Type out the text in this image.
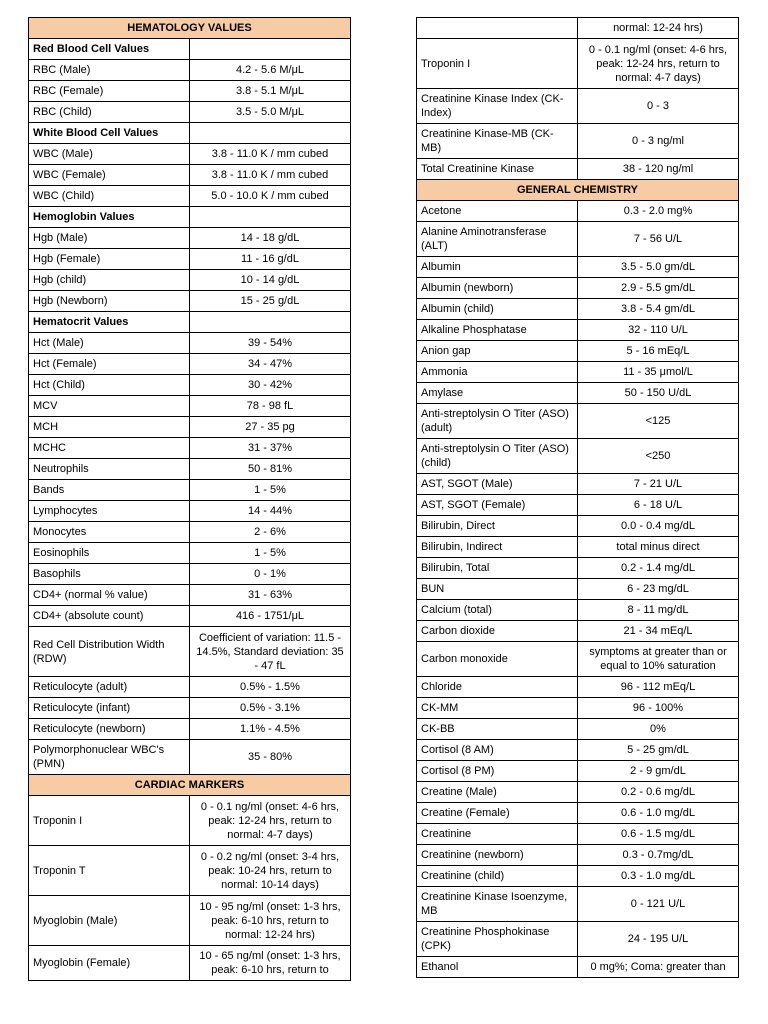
HEMATOLOGY VALUES	
Red Blood Cell Values	
RBC (Male)	4.2 - 5.6 M/μL
RBC (Female)	3.8 - 5.1 M/μL
RBC (Child)	3.5 - 5.0 M/μL
White Blood Cell Values	
WBC (Male)	3.8 - 11.0 K / mm cubed
WBC (Female)	3.8 - 11.0 K / mm cubed
WBC (Child)	5.0 - 10.0 K / mm cubed
Hemoglobin Values	
Hgb (Male)	14 - 18 g/dL
Hgb (Female)	11 - 16 g/dL
Hgb (child)	10 - 14 g/dL
Hgb (Newborn)	15 - 25 g/dL
Hematocrit Values	
Hct (Male)	39 - 54%
Hct (Female)	34 - 47%
Hct (Child)	30 - 42%
MCV	78 - 98 fL
MCH	27 - 35 pg
MCHC	31 - 37%
Neutrophils	50 - 81%
Bands	1 - 5%
Lymphocytes	14 - 44%
Monocytes	2 - 6%
Eosinophils	1 - 5%
Basophils	0 - 1%
CD4+ (normal % value)	31 - 63%
CD4+ (absolute count)	416 - 1751/μL
Red Cell Distribution Width (RDW)	Coefficient of variation: 11.5 - 14.5%, Standard deviation: 35 - 47 fL
Reticulocyte (adult)	0.5% - 1.5%
Reticulocyte (infant)	0.5% - 3.1%
Reticulocyte (newborn)	1.1% - 4.5%
Polymorphonuclear WBC's (PMN)	35 - 80%
CARDIAC MARKERS	
Troponin I	0 - 0.1 ng/ml (onset: 4-6 hrs, peak: 12-24 hrs, return to normal: 4-7 days)
Troponin T	0 - 0.2 ng/ml (onset: 3-4 hrs, peak: 10-24 hrs, return to normal: 10-14 days)
Myoglobin (Male)	10 - 95 ng/ml (onset: 1-3 hrs, peak: 6-10 hrs, return to normal: 12-24 hrs)
Myoglobin (Female)	10 - 65 ng/ml (onset: 1-3 hrs, peak: 6-10 hrs, return to
	normal: 12-24 hrs)
Troponin I	0 - 0.1 ng/ml (onset: 4-6 hrs, peak: 12-24 hrs, return to normal: 4-7 days)
Creatinine Kinase Index (CK-Index)	0 - 3
Creatinine Kinase-MB (CK-MB)	0 - 3 ng/ml
Total Creatinine Kinase	38 - 120 ng/ml
GENERAL CHEMISTRY	
Acetone	0.3 - 2.0 mg%
Alanine Aminotransferase (ALT)	7 - 56 U/L
Albumin	3.5 - 5.0 gm/dL
Albumin (newborn)	2.9 - 5.5 gm/dL
Albumin (child)	3.8 - 5.4 gm/dL
Alkaline Phosphatase	32 - 110 U/L
Anion gap	5 - 16 mEq/L
Ammonia	11 - 35 μmol/L
Amylase	50 - 150 U/dL
Anti-streptolysin O Titer (ASO) (adult)	<125
Anti-streptolysin O Titer (ASO) (child)	<250
AST, SGOT (Male)	7 - 21 U/L
AST, SGOT (Female)	6 - 18 U/L
Bilirubin, Direct	0.0 - 0.4 mg/dL
Bilirubin, Indirect	total minus direct
Bilirubin, Total	0.2 - 1.4 mg/dL
BUN	6 - 23 mg/dL
Calcium (total)	8 - 11 mg/dL
Carbon dioxide	21 - 34 mEq/L
Carbon monoxide	symptoms at greater than or equal to 10% saturation
Chloride	96 - 112 mEq/L
CK-MM	96 - 100%
CK-BB	0%
Cortisol (8 AM)	5 - 25 gm/dL
Cortisol (8 PM)	2 - 9 gm/dL
Creatine (Male)	0.2 - 0.6 mg/dL
Creatine (Female)	0.6 - 1.0 mg/dL
Creatinine	0.6 - 1.5 mg/dL
Creatinine (newborn)	0.3 - 0.7mg/dL
Creatinine (child)	0.3 - 1.0 mg/dL
Creatinine Kinase Isoenzyme, MB	0 - 121 U/L
Creatinine Phosphokinase (CPK)	24 - 195 U/L
Ethanol	0 mg%; Coma: greater than
